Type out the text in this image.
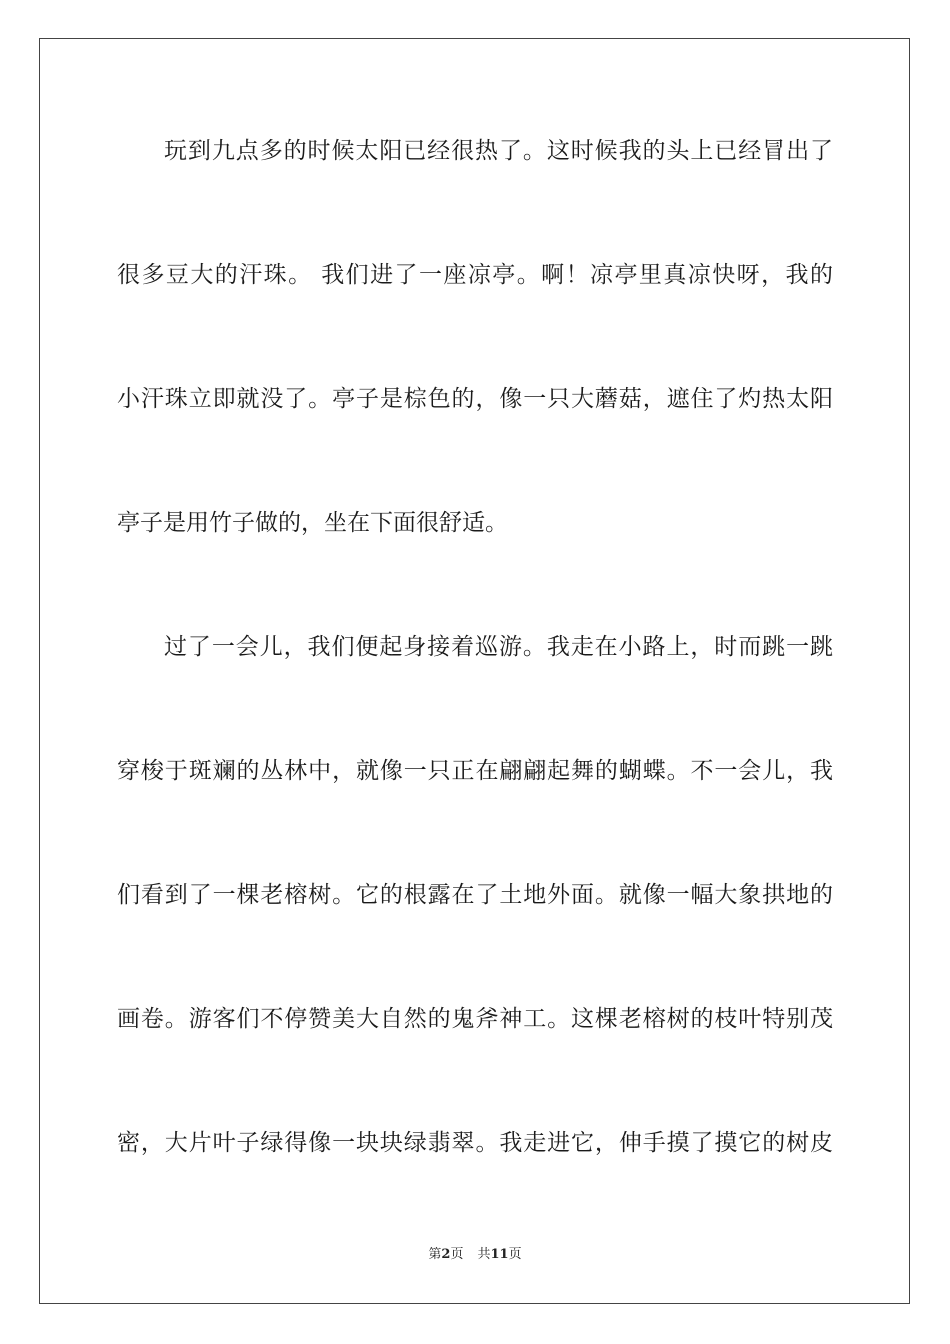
玩到九点多的时候太阳已经很热了。这时候我的头上已经冒出了

很多豆大的汗珠。 我们进了一座凉亭。啊！凉亭里真凉快呀，我的

小汗珠立即就没了。亭子是棕色的，像一只大蘑菇，遮住了灼热太阳

亭子是用竹子做的，坐在下面很舒适。

过了一会儿，我们便起身接着巡游。我走在小路上，时而跳一跳

穿梭于斑斓的丛林中，就像一只正在翩翩起舞的蝴蝶。不一会儿，我

们看到了一棵老榕树。它的根露在了土地外面。就像一幅大象拱地的

画卷。游客们不停赞美大自然的鬼斧神工。这棵老榕树的枝叶特别茂

密，大片叶子绿得像一块块绿翡翠。我走进它，伸手摸了摸它的树皮

第2页 共11页
